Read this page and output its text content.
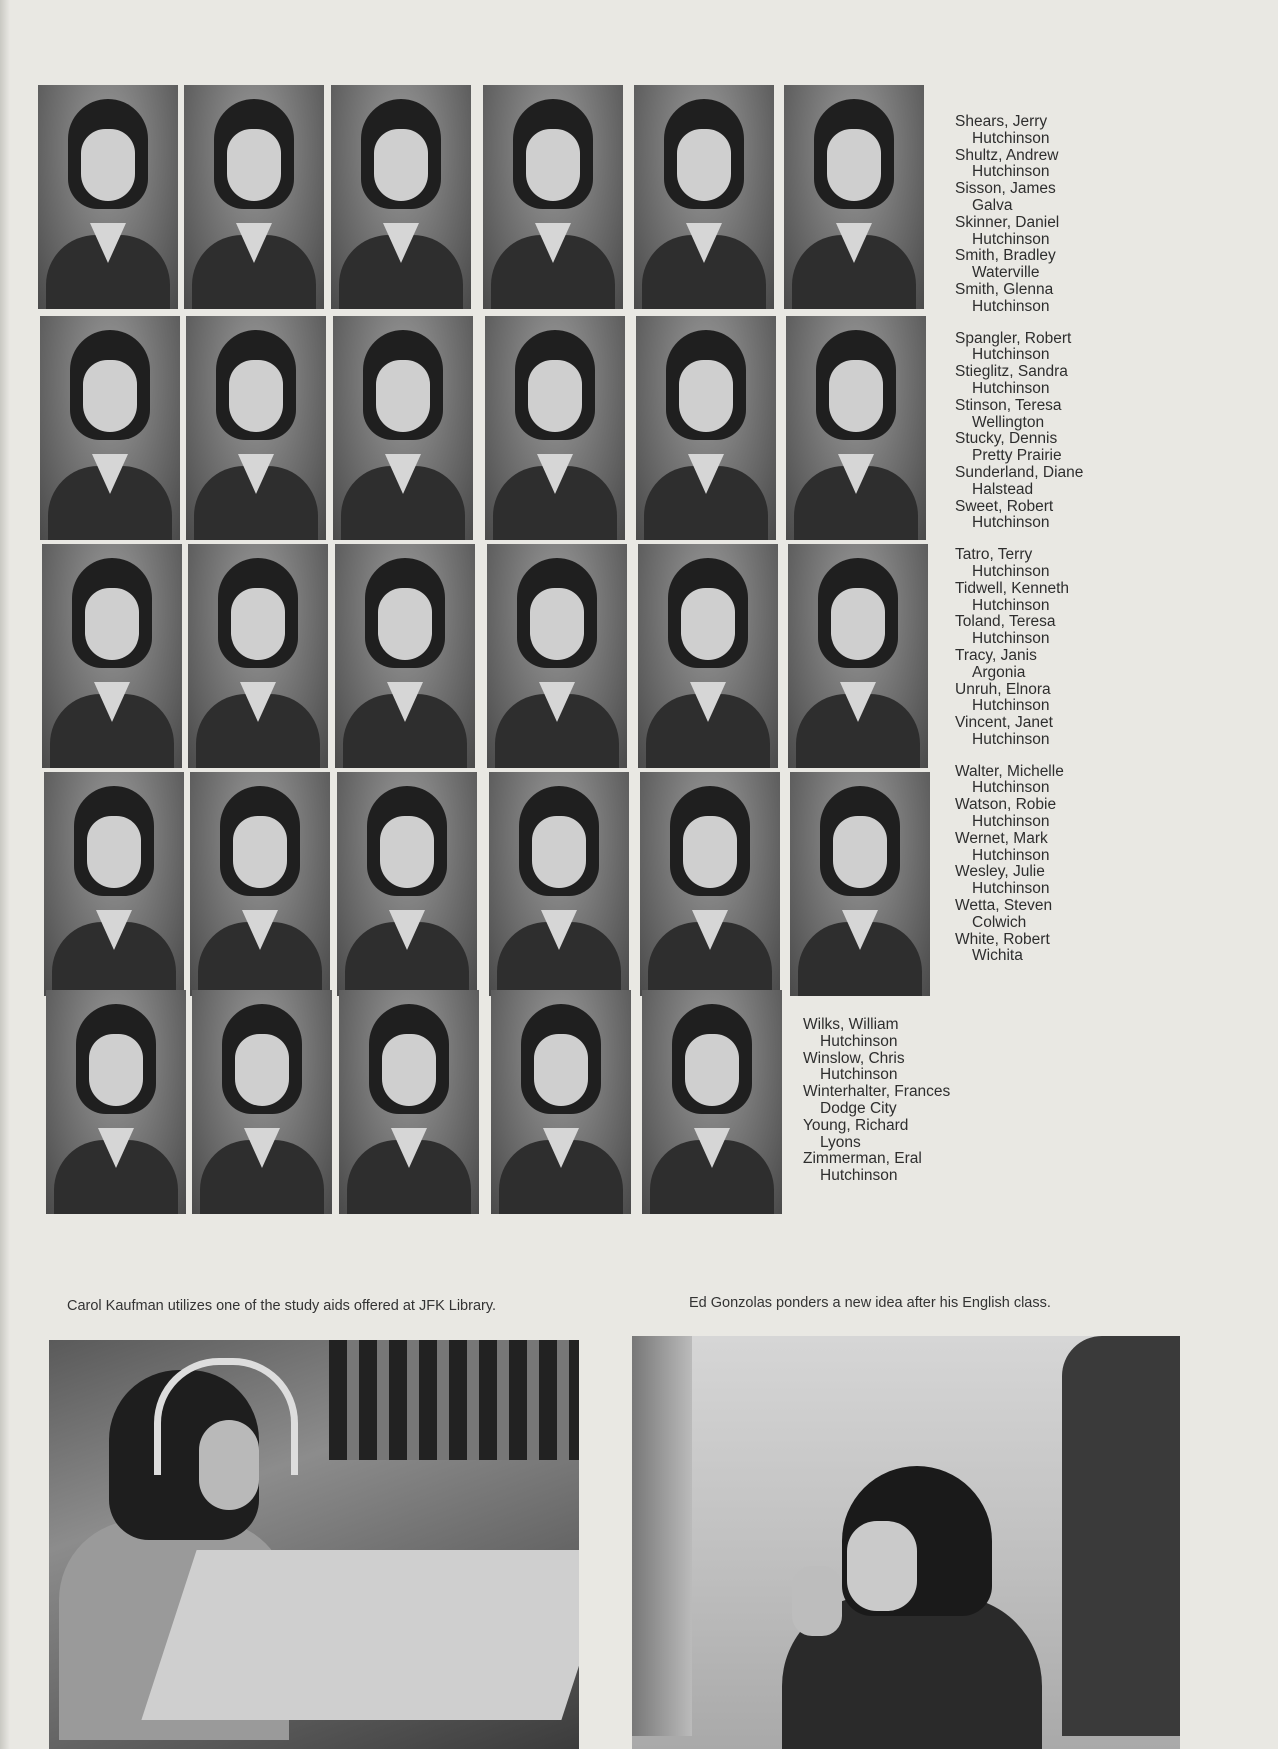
Shears, Jerry
Hutchinson
Shultz, Andrew
Hutchinson
Sisson, James
Galva
Skinner, Daniel
Hutchinson
Smith, Bradley
Waterville
Smith, Glenna
Hutchinson
Spangler, Robert
Hutchinson
Stieglitz, Sandra
Hutchinson
Stinson, Teresa
Wellington
Stucky, Dennis
Pretty Prairie
Sunderland, Diane
Halstead
Sweet, Robert
Hutchinson
Tatro, Terry
Hutchinson
Tidwell, Kenneth
Hutchinson
Toland, Teresa
Hutchinson
Tracy, Janis
Argonia
Unruh, Elnora
Hutchinson
Vincent, Janet
Hutchinson
Walter, Michelle
Hutchinson
Watson, Robie
Hutchinson
Wernet, Mark
Hutchinson
Wesley, Julie
Hutchinson
Wetta, Steven
Colwich
White, Robert
Wichita
Wilks, William
Hutchinson
Winslow, Chris
Hutchinson
Winterhalter, Frances
Dodge City
Young, Richard
Lyons
Zimmerman, Eral
Hutchinson
Carol Kaufman utilizes one of the study aids offered at JFK Library.	Ed Gonzolas ponders a new idea after his English class.
